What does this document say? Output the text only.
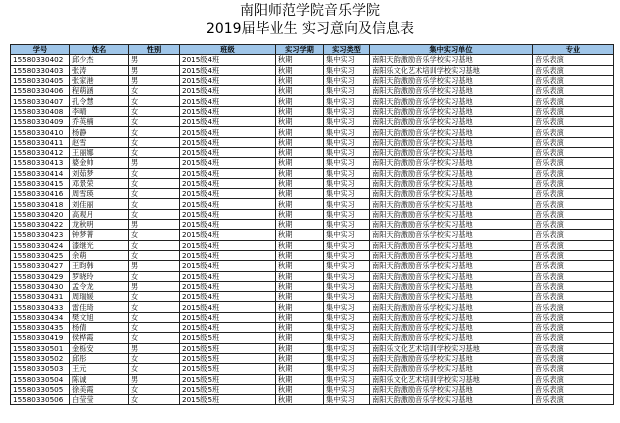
南阳师范学院音乐学院
2019届毕业生 实习意向及信息表
学号	姓名	性别	班级	实习学期	实习类型	集中实习单位	专业
1558033040​2	邱少杰	男	2015级4班	秋期	集中实习	南阳天韵激励音乐学校实习基地	音乐表演
15580330403	张涛	男	2015级4班	秋期	集中实习	南阳乐文化艺术培训学校实习基地	音乐表演
15580330405	张家港	男	2015级4班	秋期	集中实习	南阳天韵激励音乐学校实习基地	音乐表演
15580330406	程萌涵	女	2015级4班	秋期	集中实习	南阳天韵激励音乐学校实习基地	音乐表演
15580330407	孔令慧	女	2015级4班	秋期	集中实习	南阳天韵激励音乐学校实习基地	音乐表演
15580330408	李晴	女	2015级4班	秋期	集中实习	南阳天韵激励音乐学校实习基地	音乐表演
15580330409	乔英楠	女	2015级4班	秋期	集中实习	南阳天韵激励音乐学校实习基地	音乐表演
15580330410	杨静	女	2015级4班	秋期	集中实习	南阳天韵激励音乐学校实习基地	音乐表演
15580330411	赵雪	女	2015级4班	秋期	集中实习	南阳天韵激励音乐学校实习基地	音乐表演
15580330412	王丽娜	女	2015级4班	秋期	集中实习	南阳天韵激励音乐学校实习基地	音乐表演
15580330413	婆金帅	男	2015级4班	秋期	集中实习	南阳天韵激励音乐学校实习基地	音乐表演
15580330414	刘茹梦	女	2015级4班	秋期	集中实习	南阳天韵激励音乐学校实习基地	音乐表演
15580330415	邓景荣	女	2015级4班	秋期	集中实习	南阳天韵激励音乐学校实习基地	音乐表演
15580330416	周雪瑛	女	2015级4班	秋期	集中实习	南阳天韵激励音乐学校实习基地	音乐表演
15580330418	刘佳丽	女	2015级4班	秋期	集中实习	南阳天韵激励音乐学校实习基地	音乐表演
15580330420	高观月	女	2015级4班	秋期	集中实习	南阳天韵激励音乐学校实习基地	音乐表演
15580330422	龙秋明	男	2015级4班	秋期	集中实习	南阳天韵激励音乐学校实习基地	音乐表演
15580330423	钟梦菁	女	2015级4班	秋期	集中实习	南阳天韵激励音乐学校实习基地	音乐表演
15580330424	漆继光	女	2015级4班	秋期	集中实习	南阳天韵激励音乐学校实习基地	音乐表演
15580330425	余萌	女	2015级4班	秋期	集中实习	南阳天韵激励音乐学校实习基地	音乐表演
15580330427	王昀韩	男	2015级4班	秋期	集中实习	南阳天韵激励音乐学校实习基地	音乐表演
15580330429	罗晓玲	女	2015级4班	秋期	集中实习	南阳天韵激励音乐学校实习基地	音乐表演
15580330430	孟令龙	男	2015级4班	秋期	集中实习	南阳天韵激励音乐学校实习基地	音乐表演
15580330431	周瑞媛	女	2015级4班	秋期	集中实习	南阳天韵激励音乐学校实习基地	音乐表演
15580330433	雷佳琦	女	2015级4班	秋期	集中实习	南阳天韵激励音乐学校实习基地	音乐表演
15580330434	樊文旭	女	2015级4班	秋期	集中实习	南阳天韵激励音乐学校实习基地	音乐表演
15580330435	杨倩	女	2015级4班	秋期	集中实习	南阳天韵激励音乐学校实习基地	音乐表演
15580330419	侯桦霞	女	2015级5班	秋期	集中实习	南阳天韵激励音乐学校实习基地	音乐表演
15580330501	金栎安	男	2015级5班	秋期	集中实习	南阳乐文化艺术培训学校实习基地	音乐表演
15580330502	邱彤	女	2015级5班	秋期	集中实习	南阳天韵激励音乐学校实习基地	音乐表演
15580330503	王元	女	2015级5班	秋期	集中实习	南阳天韵激励音乐学校实习基地	音乐表演
15580330504	陈诚	男	2015级5班	秋期	集中实习	南阳乐文化艺术培训学校实习基地	音乐表演
15580330505	徐美霞	女	2015级5班	秋期	集中实习	南阳天韵激励音乐学校实习基地	音乐表演
15580330506	白莹莹	女	2015级5班	秋期	集中实习	南阳天韵激励音乐学校实习基地	音乐表演
